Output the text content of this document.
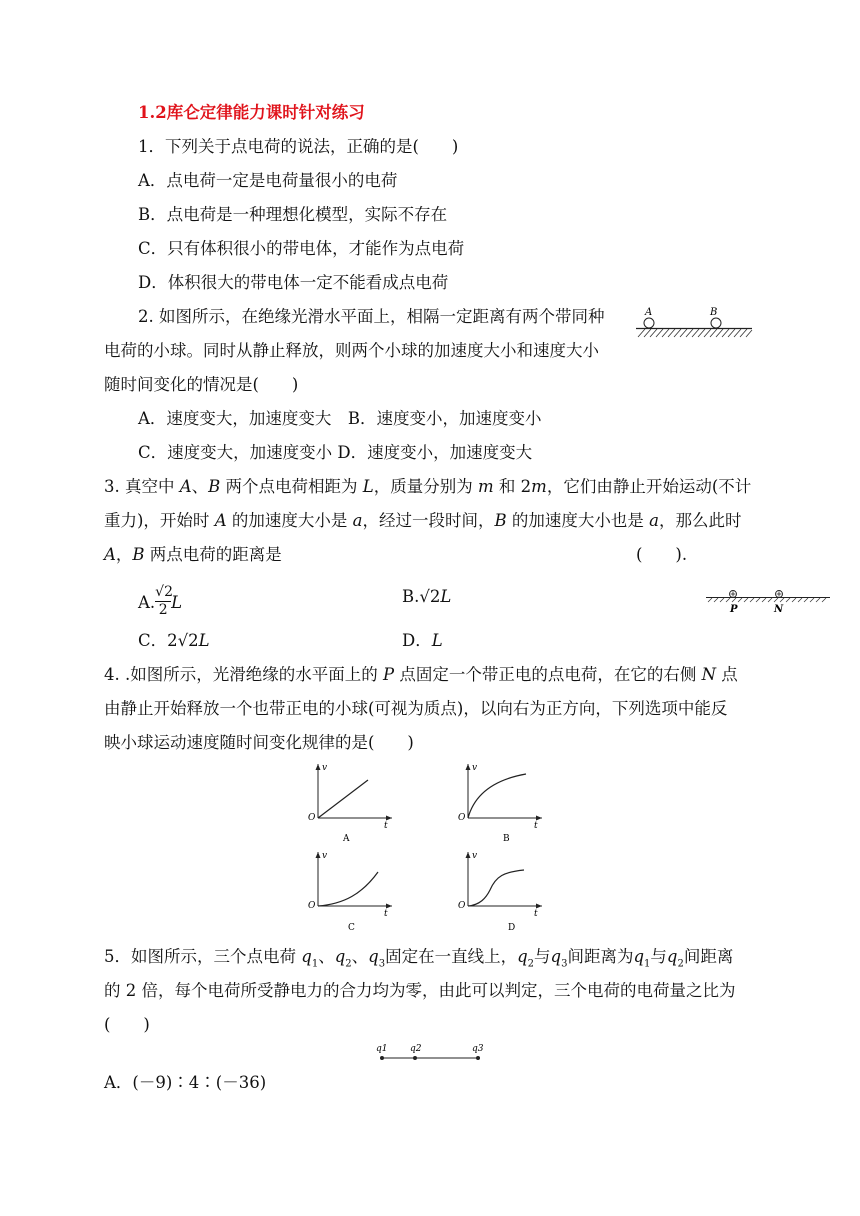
1.2库仑定律能力课时针对练习
1．下列关于点电荷的说法，正确的是(　　)
A．点电荷一定是电荷量很小的电荷
B．点电荷是一种理想化模型，实际不存在
C．只有体积很小的带电体，才能作为点电荷
D．体积很大的带电体一定不能看成点电荷
2. 如图所示，在绝缘光滑水平面上，相隔一定距离有两个带同种
电荷的小球。同时从静止释放，则两个小球的加速度大小和速度大小
随时间变化的情况是(　　)
A．速度变大，加速度变大　B．速度变小，加速度变小
C．速度变大，加速度变小 D．速度变小，加速度变大
A	B
3. 真空中 A、B 两个点电荷相距为 L，质量分别为 m 和 2m，它们由静止开始运动(不计
重力)，开始时 A 的加速度大小是 a，经过一段时间，B 的加速度大小也是 a，那么此时
A，B 两点电荷的距离是	(　　).
A. $\frac{√2}{2}$ L	B.√2L
C．2√2L	D．L
P	N
4. .如图所示，光滑绝缘的水平面上的 P 点固定一个带正电的点电荷，在它的右侧 N 点
由静止开始释放一个也带正电的小球(可视为质点)，以向右为正方向，下列选项中能反
映小球运动速度随时间变化规律的是(　　)
v
t
O
A
v
t
O
B
v
t
O
C
v
t
O
D
5．如图所示，三个点电荷 $q_1$、$q_2$、$q_3$固定在一直线上，$q_2$与$q_3$间距离为$q_1$与$q_2$间距离
的 2 倍，每个电荷所受静电力的合力均为零，由此可以判定，三个电荷的电荷量之比为
(　　)
q1	q2	q3
A．(－9)∶4∶(－36)
